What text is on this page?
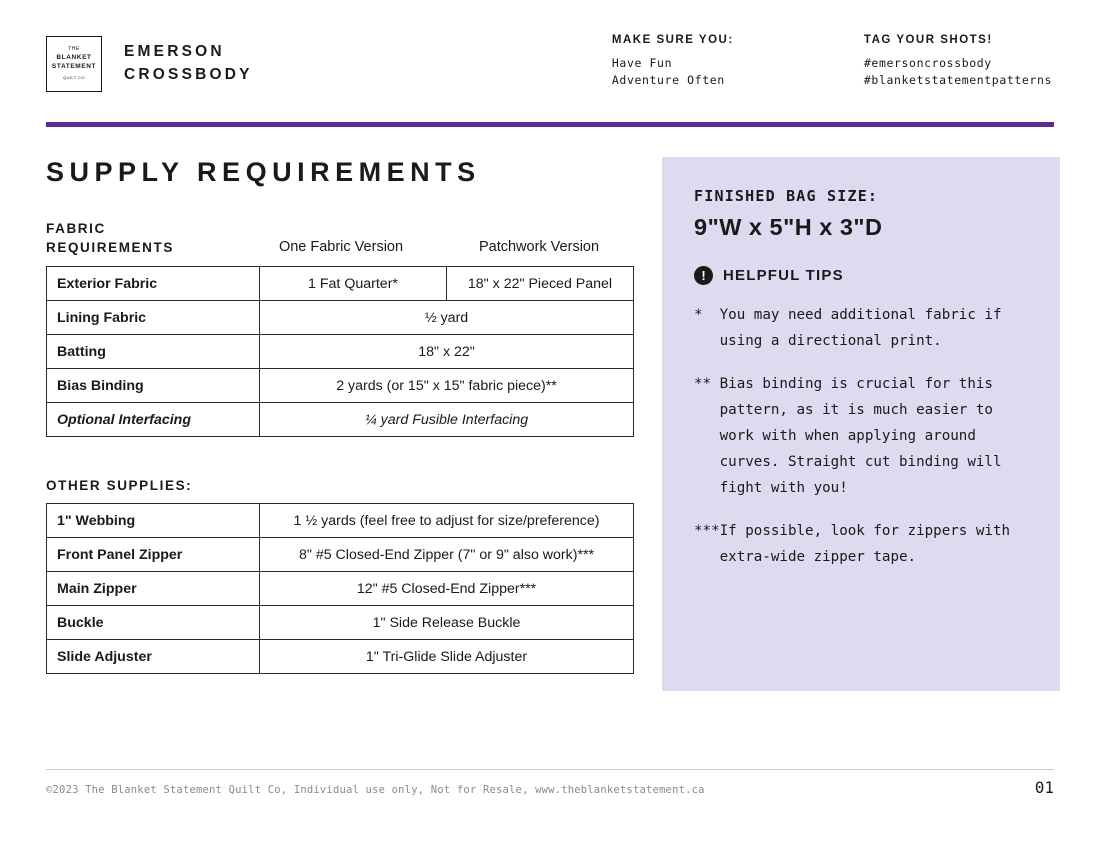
THE
BLANKET
STATEMENT
QUILT CO
EMERSON
CROSSBODY
MAKE SURE YOU:
Have Fun
Adventure Often
TAG YOUR SHOTS!
#emersoncrossbody
#blanketstatementpatterns
SUPPLY REQUIREMENTS
FABRIC
REQUIREMENTS	One Fabric Version	Patchwork Version
Exterior Fabric	1 Fat Quarter*	18" x 22" Pieced Panel
Lining Fabric	½ yard	
Batting	18" x 22"	
Bias Binding	2 yards (or 15" x 15" fabric piece)**	
Optional Interfacing	¼ yard Fusible Interfacing	
OTHER SUPPLIES:
1" Webbing	1 ½ yards (feel free to adjust for size/preference)
Front Panel Zipper	8" #5 Closed-End Zipper (7" or 9" also work)***
Main Zipper	12" #5 Closed-End Zipper***
Buckle	1" Side Release Buckle
Slide Adjuster	1" Tri-Glide Slide Adjuster
FINISHED BAG SIZE:
9"W x 5"H x 3"D
!	HELPFUL TIPS
* You may need additional fabric if using a directional print.
** Bias binding is crucial for this pattern, as it is much easier to work with when applying around curves. Straight cut binding will fight with you!
*** If possible, look for zippers with extra-wide zipper tape.
©2023 The Blanket Statement Quilt Co, Individual use only, Not for Resale, www.theblanketstatement.ca	01
